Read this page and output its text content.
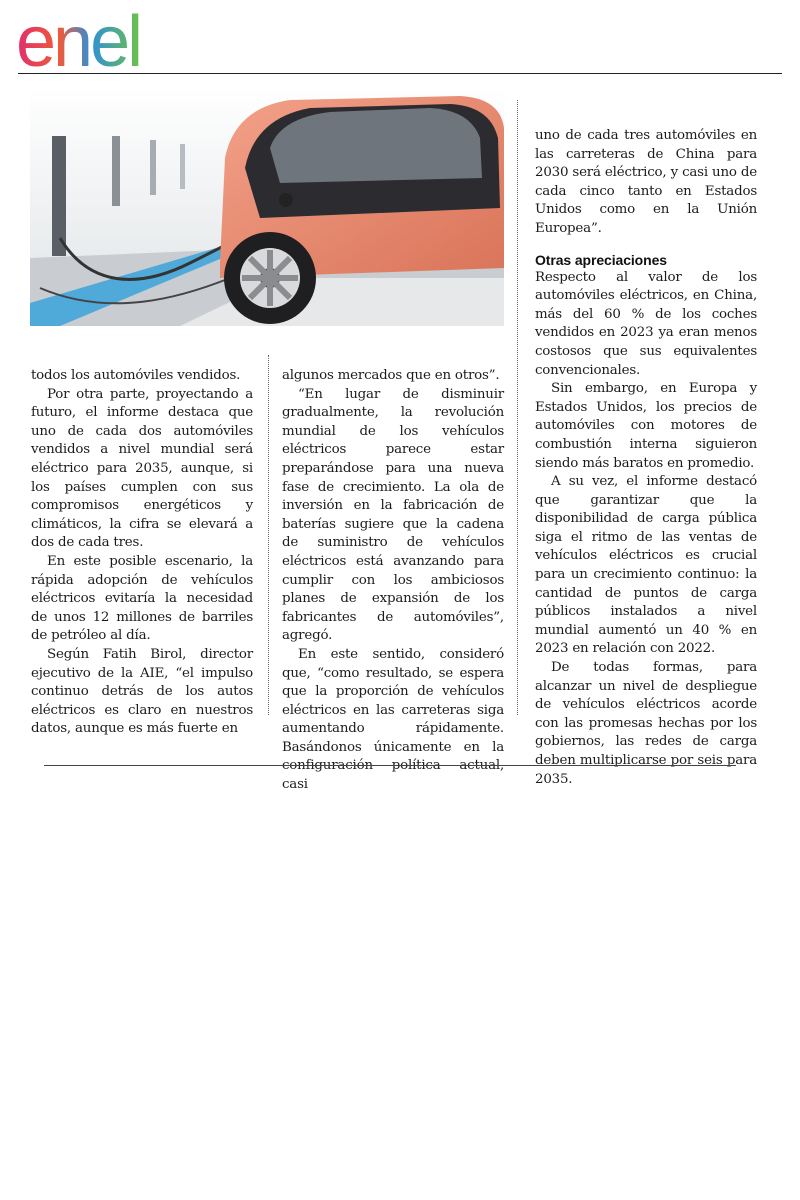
enel

todos los automóviles vendidos.

Por otra parte, proyectando a futuro, el informe destaca que uno de cada dos automóviles vendidos a nivel mundial será eléctrico para 2035, aunque, si los países cumplen con sus compromisos energéticos y climáticos, la cifra se elevará a dos de cada tres.

En este posible escenario, la rápida adopción de vehículos eléctricos evitaría la necesidad de unos 12 millones de barriles de petróleo al día.

Según Fatih Birol, director ejecutivo de la AIE, “el impulso continuo detrás de los autos eléctricos es claro en nuestros datos, aunque es más fuerte en

algunos mercados que en otros”.

“En lugar de disminuir gradualmente, la revolución mundial de los vehículos eléctricos parece estar preparándose para una nueva fase de crecimiento. La ola de inversión en la fabricación de baterías sugiere que la cadena de suministro de vehículos eléctricos está avanzando para cumplir con los ambiciosos planes de expansión de los fabricantes de automóviles”, agregó.

En este sentido, consideró que, “como resultado, se espera que la proporción de vehículos eléctricos en las carreteras siga aumentando rápidamente. Basándonos únicamente en la configuración política actual, casi

uno de cada tres automóviles en las carreteras de China para 2030 será eléctrico, y casi uno de cada cinco tanto en Estados Unidos como en la Unión Europea”.

Otras apreciaciones

Respecto al valor de los automóviles eléctricos, en China, más del 60 % de los coches vendidos en 2023 ya eran menos costosos que sus equivalentes convencionales.

Sin embargo, en Europa y Estados Unidos, los precios de automóviles con motores de combustión interna siguieron siendo más baratos en promedio.

A su vez, el informe destacó que garantizar que la disponibilidad de carga pública siga el ritmo de las ventas de vehículos eléctricos es crucial para un crecimiento continuo: la cantidad de puntos de carga públicos instalados a nivel mundial aumentó un 40 % en 2023 en relación con 2022.

De todas formas, para alcanzar un nivel de despliegue de vehículos eléctricos acorde con las promesas hechas por los gobiernos, las redes de carga deben multiplicarse por seis para 2035.
